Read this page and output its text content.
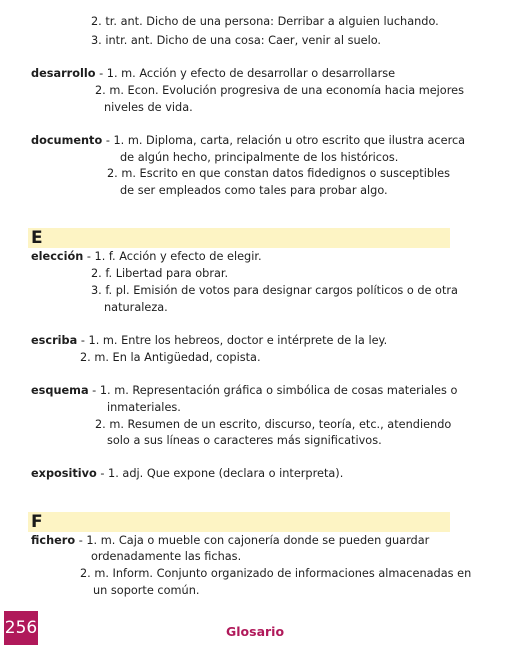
2. tr. ant. Dicho de una persona: Derribar a alguien luchando.
3. intr. ant. Dicho de una cosa: Caer, venir al suelo.
desarrollo - 1. m. Acción y efecto de desarrollar o desarrollarse
2. m. Econ. Evolución progresiva de una economía hacia mejores
niveles de vida.
documento - 1. m. Diploma, carta, relación u otro escrito que ilustra acerca
de algún hecho, principalmente de los históricos.
2. m. Escrito en que constan datos fidedignos o susceptibles
de ser empleados como tales para probar algo.
E
elección - 1. f. Acción y efecto de elegir.
2. f. Libertad para obrar.
3. f. pl. Emisión de votos para designar cargos políticos o de otra
naturaleza.
escriba - 1. m. Entre los hebreos, doctor e intérprete de la ley.
2. m. En la Antigüedad, copista.
esquema - 1. m. Representación gráfica o simbólica de cosas materiales o
inmateriales.
2. m. Resumen de un escrito, discurso, teoría, etc., atendiendo
solo a sus líneas o caracteres más significativos.
expositivo - 1. adj. Que expone (declara o interpreta).
F
fichero - 1. m. Caja o mueble con cajonería donde se pueden guardar
ordenadamente las fichas.
2. m. Inform. Conjunto organizado de informaciones almacenadas en
un soporte común.
256	Glosario
